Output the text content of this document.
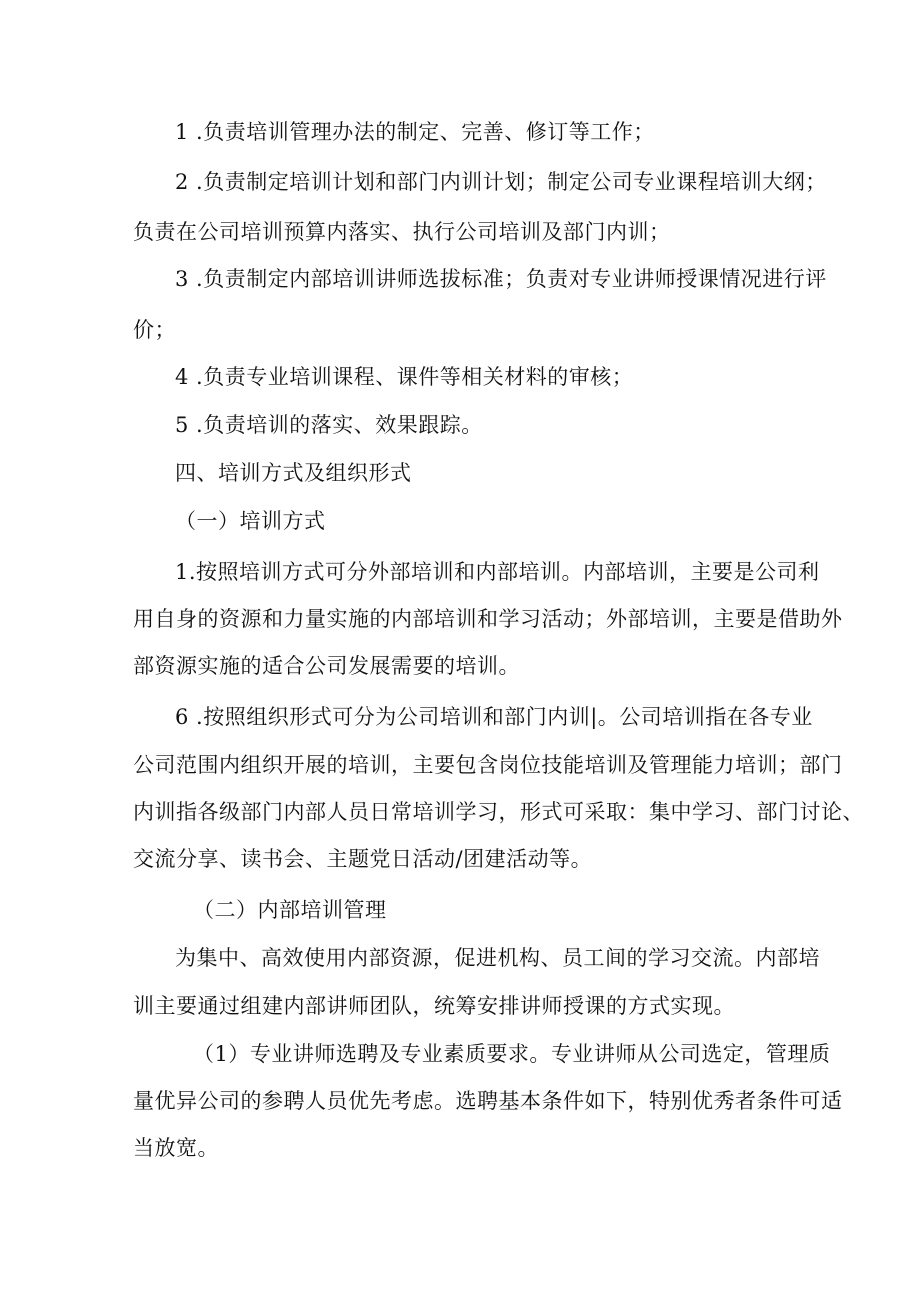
1 .负责培训管理办法的制定、完善、修订等工作；
2 .负责制定培训计划和部门内训计划；制定公司专业课程培训大纲；
负责在公司培训预算内落实、执行公司培训及部门内训；
3 .负责制定内部培训讲师选拔标准；负责对专业讲师授课情况进行评
价；
4 .负责专业培训课程、课件等相关材料的审核；
5 .负责培训的落实、效果跟踪。
四、培训方式及组织形式
（一）培训方式
1.按照培训方式可分外部培训和内部培训。内部培训，主要是公司利
用自身的资源和力量实施的内部培训和学习活动；外部培训，主要是借助外
部资源实施的适合公司发展需要的培训。
6 .按照组织形式可分为公司培训和部门内训|。公司培训指在各专业
公司范围内组织开展的培训，主要包含岗位技能培训及管理能力培训；部门
内训指各级部门内部人员日常培训学习，形式可采取：集中学习、部门讨论、
交流分享、读书会、主题党日活动/团建活动等。
（二）内部培训管理
为集中、高效使用内部资源，促进机构、员工间的学习交流。内部培
训主要通过组建内部讲师团队，统筹安排讲师授课的方式实现。
（1）专业讲师选聘及专业素质要求。专业讲师从公司选定，管理质
量优异公司的参聘人员优先考虑。选聘基本条件如下，特别优秀者条件可适
当放宽。
